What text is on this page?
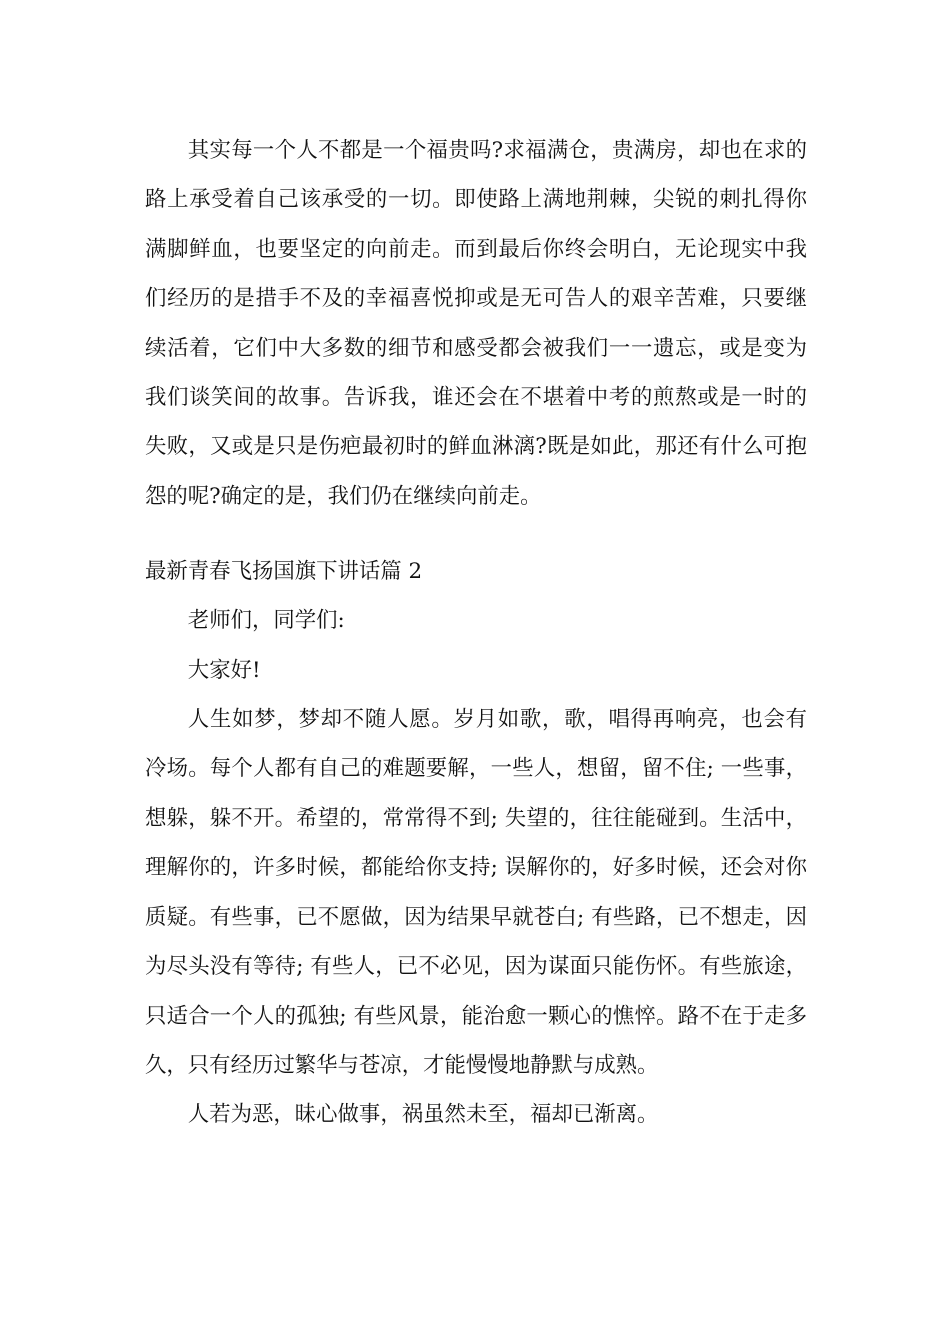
其实每一个人不都是一个福贵吗?求福满仓，贵满房，却也在求的路上承受着自己该承受的一切。即使路上满地荆棘，尖锐的刺扎得你满脚鲜血，也要坚定的向前走。而到最后你终会明白，无论现实中我们经历的是措手不及的幸福喜悦抑或是无可告人的艰辛苦难，只要继续活着，它们中大多数的细节和感受都会被我们一一遗忘，或是变为我们谈笑间的故事。告诉我，谁还会在不堪着中考的煎熬或是一时的失败，又或是只是伤疤最初时的鲜血淋漓?既是如此，那还有什么可抱怨的呢?确定的是，我们仍在继续向前走。

最新青春飞扬国旗下讲话篇 2

老师们，同学们:

大家好!

人生如梦，梦却不随人愿。岁月如歌，歌，唱得再响亮，也会有冷场。每个人都有自己的难题要解，一些人，想留，留不住; 一些事，想躲，躲不开。希望的，常常得不到; 失望的，往往能碰到。生活中，理解你的，许多时候，都能给你支持; 误解你的，好多时候，还会对你质疑。有些事，已不愿做，因为结果早就苍白; 有些路，已不想走，因为尽头没有等待; 有些人，已不必见，因为谋面只能伤怀。有些旅途，只适合一个人的孤独; 有些风景，能治愈一颗心的憔悴。路不在于走多久，只有经历过繁华与苍凉，才能慢慢地静默与成熟。

人若为恶，昧心做事，祸虽然未至，福却已渐离。
